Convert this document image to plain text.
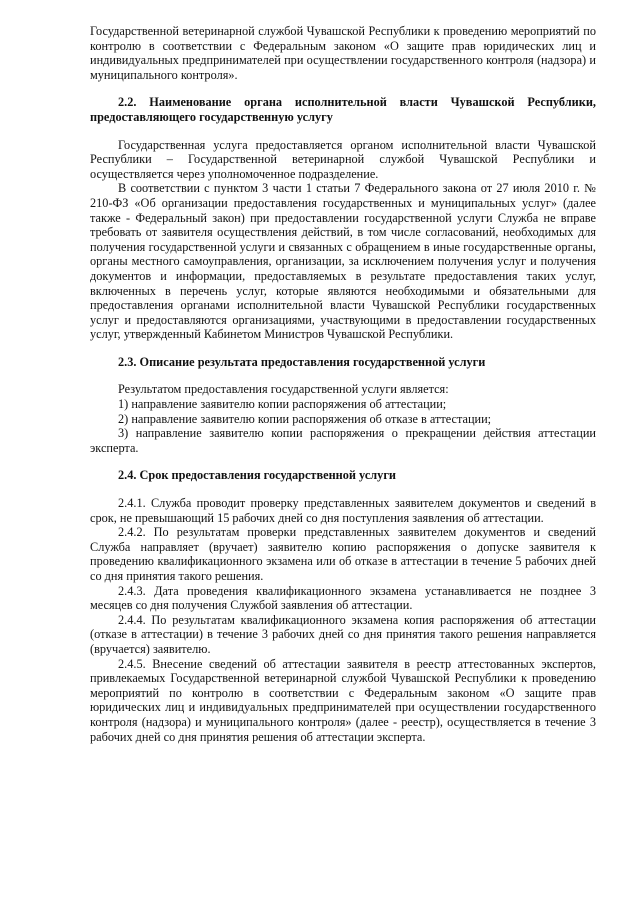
Государственной ветеринарной службой Чувашской Республики к проведению мероприятий по контролю в соответствии с Федеральным законом «О защите прав юридических лиц и индивидуальных предпринимателей при осуществлении государственного контроля (надзора) и муниципального контроля».

2.2. Наименование органа исполнительной власти Чувашской Республики, предоставляющего государственную услугу

Государственная услуга предоставляется органом исполнительной власти Чувашской Республики – Государственной ветеринарной службой Чувашской Республики и осуществляется через уполномоченное подразделение.

В соответствии с пунктом 3 части 1 статьи 7 Федерального закона от 27 июля 2010 г. № 210-ФЗ «Об организации предоставления государственных и муниципальных услуг» (далее также - Федеральный закон) при предоставлении государственной услуги Служба не вправе требовать от заявителя осуществления действий, в том числе согласований, необходимых для получения государственной услуги и связанных с обращением в иные государственные органы, органы местного самоуправления, организации, за исключением получения услуг и получения документов и информации, предоставляемых в результате предоставления таких услуг, включенных в перечень услуг, которые являются необходимыми и обязательными для предоставления органами исполнительной власти Чувашской Республики государственных услуг и предоставляются организациями, участвующими в предоставлении государственных услуг, утвержденный Кабинетом Министров Чувашской Республики.

2.3. Описание результата предоставления государственной услуги

Результатом предоставления государственной услуги является:

1) направление заявителю копии распоряжения об аттестации;

2) направление заявителю копии распоряжения об отказе в аттестации;

3) направление заявителю копии распоряжения о прекращении действия аттестации эксперта.

2.4. Срок предоставления государственной услуги

2.4.1. Служба проводит проверку представленных заявителем документов и сведений в срок, не превышающий 15 рабочих дней со дня поступления заявления об аттестации.

2.4.2. По результатам проверки представленных заявителем документов и сведений Служба направляет (вручает) заявителю копию распоряжения о допуске заявителя к проведению квалификационного экзамена или об отказе в аттестации в течение 5 рабочих дней со дня принятия такого решения.

2.4.3. Дата проведения квалификационного экзамена устанавливается не позднее 3 месяцев со дня получения Службой заявления об аттестации.

2.4.4. По результатам квалификационного экзамена копия распоряжения об аттестации (отказе в аттестации) в течение 3 рабочих дней со дня принятия такого решения направляется (вручается) заявителю.

2.4.5. Внесение сведений об аттестации заявителя в реестр аттестованных экспертов, привлекаемых Государственной ветеринарной службой Чувашской Республики к проведению мероприятий по контролю в соответствии с Федеральным законом «О защите прав юридических лиц и индивидуальных предпринимателей при осуществлении государственного контроля (надзора) и муниципального контроля» (далее - реестр), осуществляется в течение 3 рабочих дней со дня принятия решения об аттестации эксперта.
